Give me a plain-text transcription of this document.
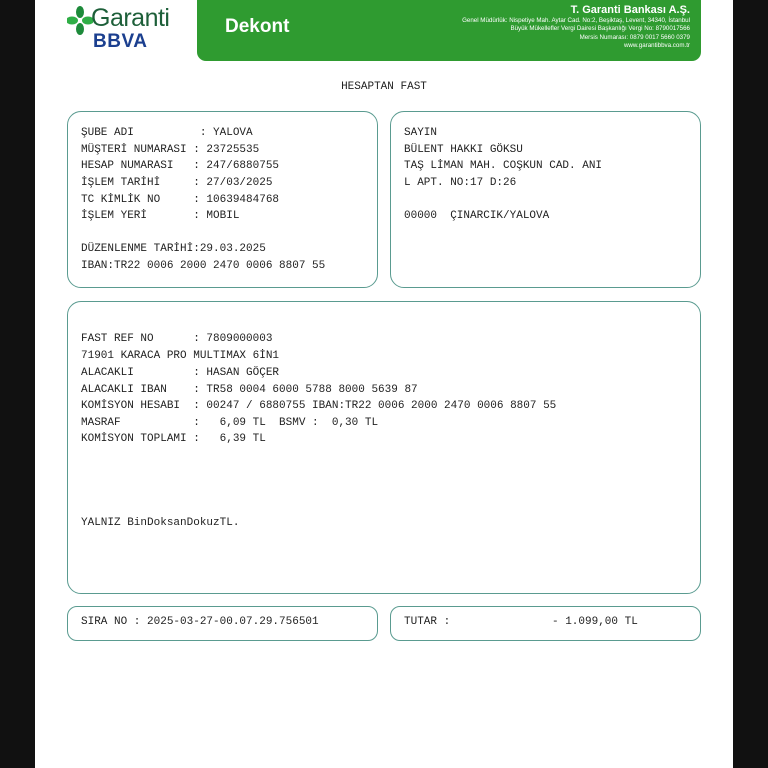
Garanti
BBVA
Dekont
T. Garanti Bankası A.Ş.
Genel Müdürlük: Nispetiye Mah. Aytar Cad. No:2, Beşiktaş, Levent, 34340, İstanbul
Büyük Mükellefler Vergi Dairesi Başkanlığı Vergi No: 8790017566
Mersis Numarası: 0879 0017 5660 0379
www.garantibbva.com.tr
HESAPTAN FAST
ŞUBE ADI          : YALOVA
MÜŞTERİ NUMARASI : 23725535
HESAP NUMARASI   : 247/6880755
İŞLEM TARİHİ     : 27/03/2025
TC KİMLİK NO     : 10639484768
İŞLEM YERİ       : MOBIL
DÜZENLENME TARİHİ:29.03.2025
IBAN:TR22 0006 2000 2470 0006 8807 55
SAYIN
BÜLENT HAKKI GÖKSU
TAŞ LİMAN MAH. COŞKUN CAD. ANI
L APT. NO:17 D:26
00000  ÇINARCIK/YALOVA
FAST REF NO      : 7809000003
71901 KARACA PRO MULTIMAX 6İN1
ALACAKLI         : HASAN GÖÇER
ALACAKLI IBAN    : TR58 0004 6000 5788 8000 5639 87
KOMİSYON HESABI  : 00247 / 6880755 IBAN:TR22 0006 2000 2470 0006 8807 55
MASRAF           :   6,09 TL  BSMV :  0,30 TL
KOMİSYON TOPLAMI :   6,39 TL
YALNIZ BinDoksanDokuzTL.
SIRA NO : 2025-03-27-00.07.29.756501	TUTAR :	- 1.099,00 TL
